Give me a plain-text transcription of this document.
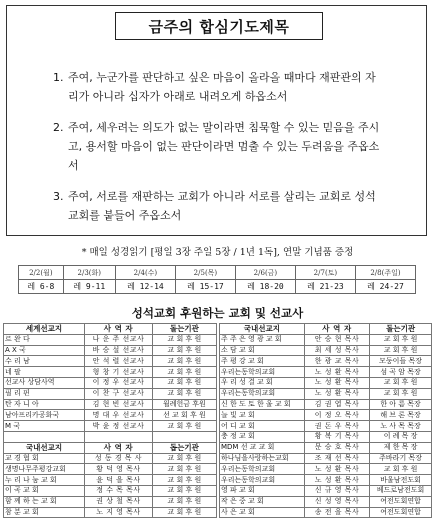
금주의 합심기도제목
1. 주여, 누군가를 판단하고 싶은 마음이 올라올 때마다 재판관의 자리가 아니라 십자가 아래로 내려오게 하옵소서
2. 주여, 세우려는 의도가 없는 말이라면 침묵할 수 있는 믿음을 주시고, 용서할 마음이 없는 판단이라면 멈출 수 있는 두려움을 주옵소서
3. 주여, 서로를 재판하는 교회가 아니라 서로를 살리는 교회로 성석교회를 붙들어 주옵소서
* 매일 성경읽기 [평일 3장 주일 5장 / 1년 1독], 연말 기념품 증정
2/2(월)	2/3(화)	2/4(수)	2/5(목)	2/6(금)	2/7(토)	2/8(주일)
레 6-8	레 9-11	레 12-14	레 15-17	레 18-20	레 21-23	레 24-27
성석교회 후원하는 교회 및 선교사
세계선교지	사 역 자	돌는기관
르 완 다	나 운 주 선교사	교 회 후 원
A X 국	바 승 설 선교사	교 회 후 원
수 리 남	안 석 렬 선교사	교 회 후 원
네 팔	형 창 기 선교사	교 회 후 원
선교사 상담사역	이 정 우 선교사	교 회 후 원
필 리 핀	이 찬 구 선교사	교 회 후 원
탄 자 니 아	김 현 빈 선교사	월례헌금 후원
남아프리카공화국	명 대 우 선교사	선 교 회 후 원
M 국	박 윤 정 선교사	교 회 후 원

국내선교지	사 역 자	돕는기관
교 경 협 회	성 동 경 목 사	교 회 후 원
생명나무주평강교회	황 덕 영 목사	교 회 후 원
누 리 나 눔 교 회	윤 덕 을 목사	교 회 후 원
이 곡 교 회	정 수 목 목사	교 회 후 원
함 께 하 는 교 회	권 상 철 목사	교 회 후 원
참 분 교 회	노 지 영 목사	교 회 후 원
국내선교지	사 역 자	돌는기관
주 주 은 영 광 교 회	안 승 현 목사	교 회 후 원
소 담 교 회	최 세 성 목사	교 회 후 원
주 평 강 교 회	한 광 교 목사	모둥이들 목장
우리는동학의교회	노 성 환 목사	섬 곡 암 목장
우 리 성 결 교 회	노 성 환 목사	교 회 후 원
우리는동학의교회	노 성 환 목사	교 회 후 원
신 한 도 토 한 울 교 회	김 권 엽 목사	한 아 름 목장
늘 빛 교 회	이 정 오 목사	해 브 론 목장
어 디 교 회	권 돈 우 목사	노 사 목 목장
충 정 교 회	황 복 기 목사	이 례 목 장
MDM 선 교 교 회	문 승 호 목사	제 한 목 장
하나님을사랑하는교회	조 재 선 목사	주바라기 목장
우리는동학의교회	노 성 환 목사	교 회 후 원
우리는동학의교회	노 성 환 목사	바울남전도회
영 파 교 회	신 규 영 목사	베드로남전도회
작 은 중 교 회	신 성 영 목사	여전도회연합
사 은 교 회	송 전 을 목사	여전도회연합
